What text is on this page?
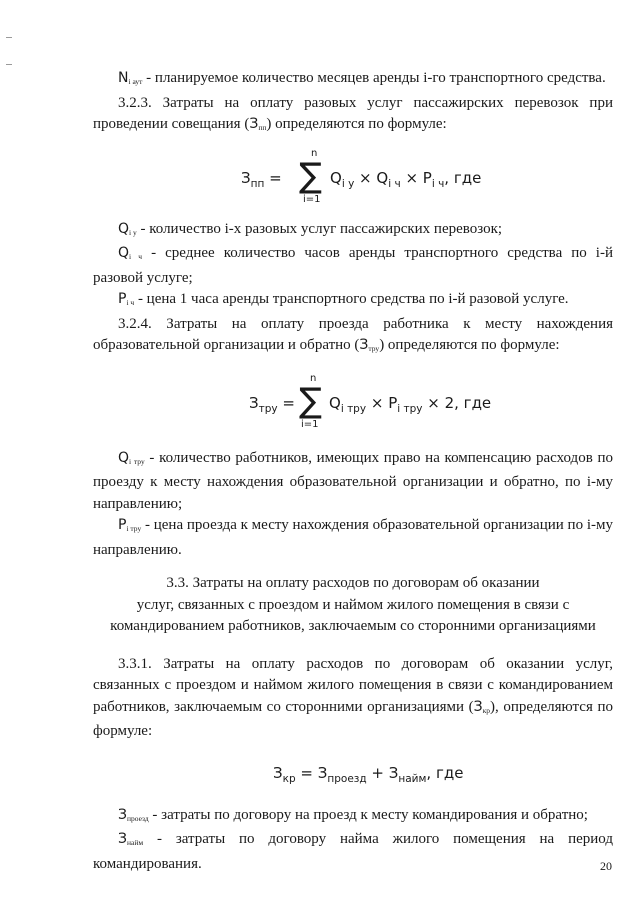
$N_{i аут}$ - планируемое количество месяцев аренды i-го транспортного средства.

3.2.3. Затраты на оплату разовых услуг пассажирских перевозок при проведении совещания $(З_{пп})$ определяются по формуле:

$З_{пп}$ =
n
∑
i=1
$Q_{i у} \times Q_{i ч} \times P_{i ч}$, где

$Q_{i у}$ - количество i-х разовых услуг пассажирских перевозок;

$Q_{i ч}$ - среднее количество часов аренды транспортного средства по i-й разовой услуге;

$P_{i ч}$ - цена 1 часа аренды транспортного средства по i-й разовой услуге.

3.2.4. Затраты на оплату проезда работника к месту нахождения образовательной организации и обратно $(З_{тру})$ определяются по формуле:

$З_{тру}$ =
n
∑
i=1
$Q_{i тру} \times P_{i тру} \times 2$, где

$Q_{i тру}$ - количество работников, имеющих право на компенсацию расходов по проезду к месту нахождения образовательной организации и обратно, по i-му направлению;

$P_{i тру}$ - цена проезда к месту нахождения образовательной организации по i-му направлению.

3.3. Затраты на оплату расходов по договорам об оказании
услуг, связанных с проездом и наймом жилого помещения в связи с
командированием работников, заключаемым со сторонними организациями

3.3.1. Затраты на оплату расходов по договорам об оказании услуг, связанных с проездом и наймом жилого помещения в связи с командированием работников, заключаемым со сторонними организациями $(З_{кр})$, определяются по формуле:

$З_{кр} = З_{проезд} + З_{найм}$, где

$З_{проезд}$ - затраты по договору на проезд к месту командирования и обратно;

$З_{найм}$ - затраты по договору найма жилого помещения на период командирования.	20
